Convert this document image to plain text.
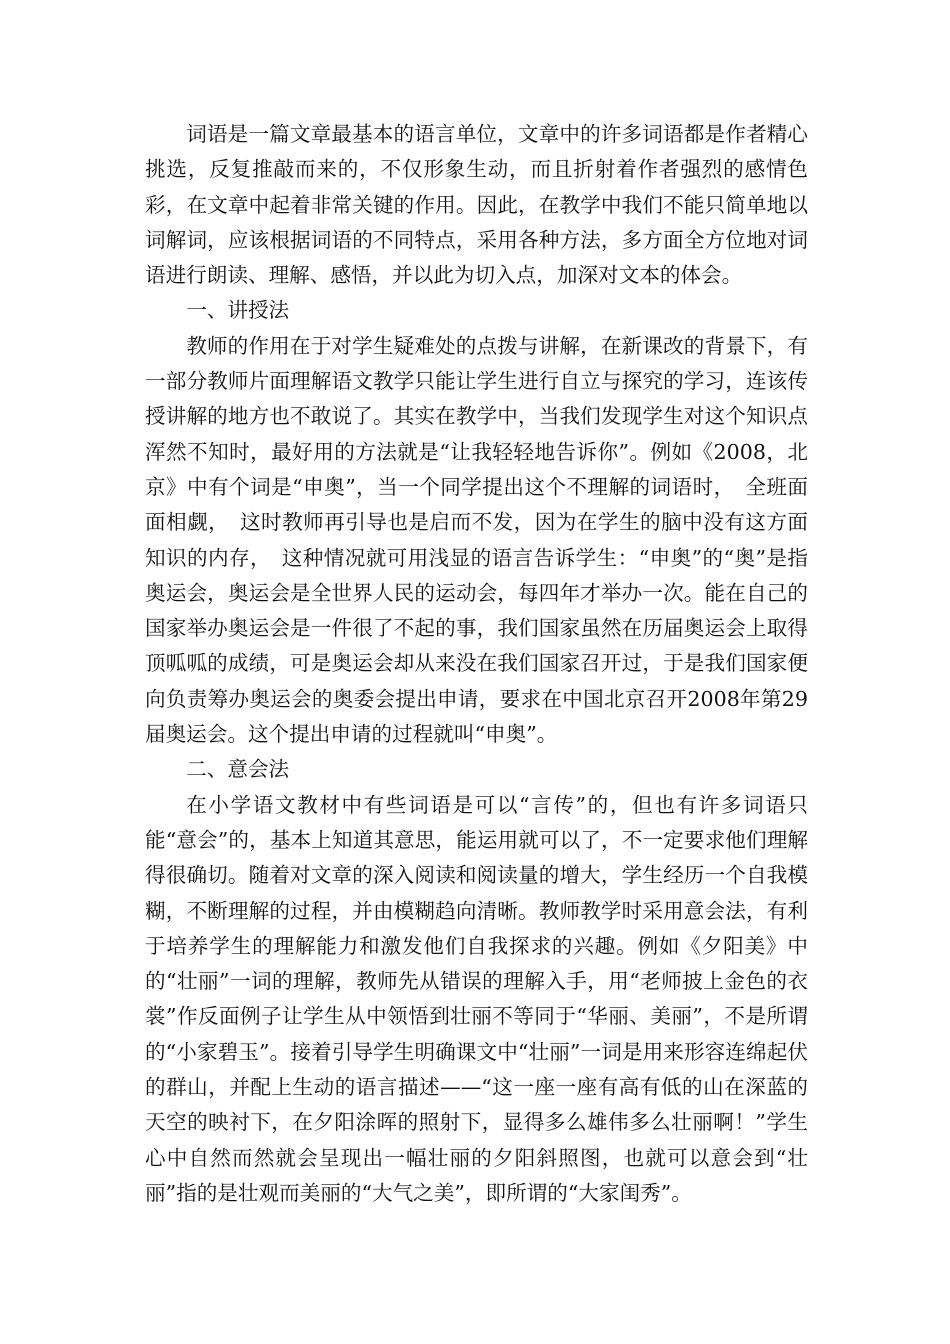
词语是一篇文章最基本的语言单位，文章中的许多词语都是作者精心挑选，反复推敲而来的，不仅形象生动，而且折射着作者强烈的感情色彩，在文章中起着非常关键的作用。因此，在教学中我们不能只简单地以词解词，应该根据词语的不同特点，采用各种方法，多方面全方位地对词语进行朗读、理解、感悟，并以此为切入点，加深对文本的体会。

一、讲授法

教师的作用在于对学生疑难处的点拨与讲解，在新课改的背景下，有一部分教师片面理解语文教学只能让学生进行自立与探究的学习，连该传授讲解的地方也不敢说了。其实在教学中，当我们发现学生对这个知识点浑然不知时，最好用的方法就是“让我轻轻地告诉你”。例如《2008，北京》中有个词是“申奥”，当一个同学提出这个不理解的词语时，　全班面面相觑，　这时教师再引导也是启而不发，因为在学生的脑中没有这方面知识的内存，　这种情况就可用浅显的语言告诉学生：“申奥”的“奥”是指奥运会，奥运会是全世界人民的运动会，每四年才举办一次。能在自己的国家举办奥运会是一件很了不起的事，我们国家虽然在历届奥运会上取得顶呱呱的成绩，可是奥运会却从来没在我们国家召开过，于是我们国家便向负责筹办奥运会的奥委会提出申请，要求在中国北京召开2008年第29届奥运会。这个提出申请的过程就叫“申奥”。

二、意会法

在小学语文教材中有些词语是可以“言传”的，但也有许多词语只能“意会”的，基本上知道其意思，能运用就可以了，不一定要求他们理解得很确切。随着对文章的深入阅读和阅读量的增大，学生经历一个自我模糊，不断理解的过程，并由模糊趋向清晰。教师教学时采用意会法，有利于培养学生的理解能力和激发他们自我探求的兴趣。例如《夕阳美》中的“壮丽”一词的理解，教师先从错误的理解入手，用“老师披上金色的衣裳”作反面例子让学生从中领悟到壮丽不等同于“华丽、美丽”，不是所谓的“小家碧玉”。接着引导学生明确课文中“壮丽”一词是用来形容连绵起伏的群山，并配上生动的语言描述——“这一座一座有高有低的山在深蓝的天空的映衬下，在夕阳涂晖的照射下，显得多么雄伟多么壮丽啊！”学生心中自然而然就会呈现出一幅壮丽的夕阳斜照图，也就可以意会到“壮丽”指的是壮观而美丽的“大气之美”，即所谓的“大家闺秀”。
